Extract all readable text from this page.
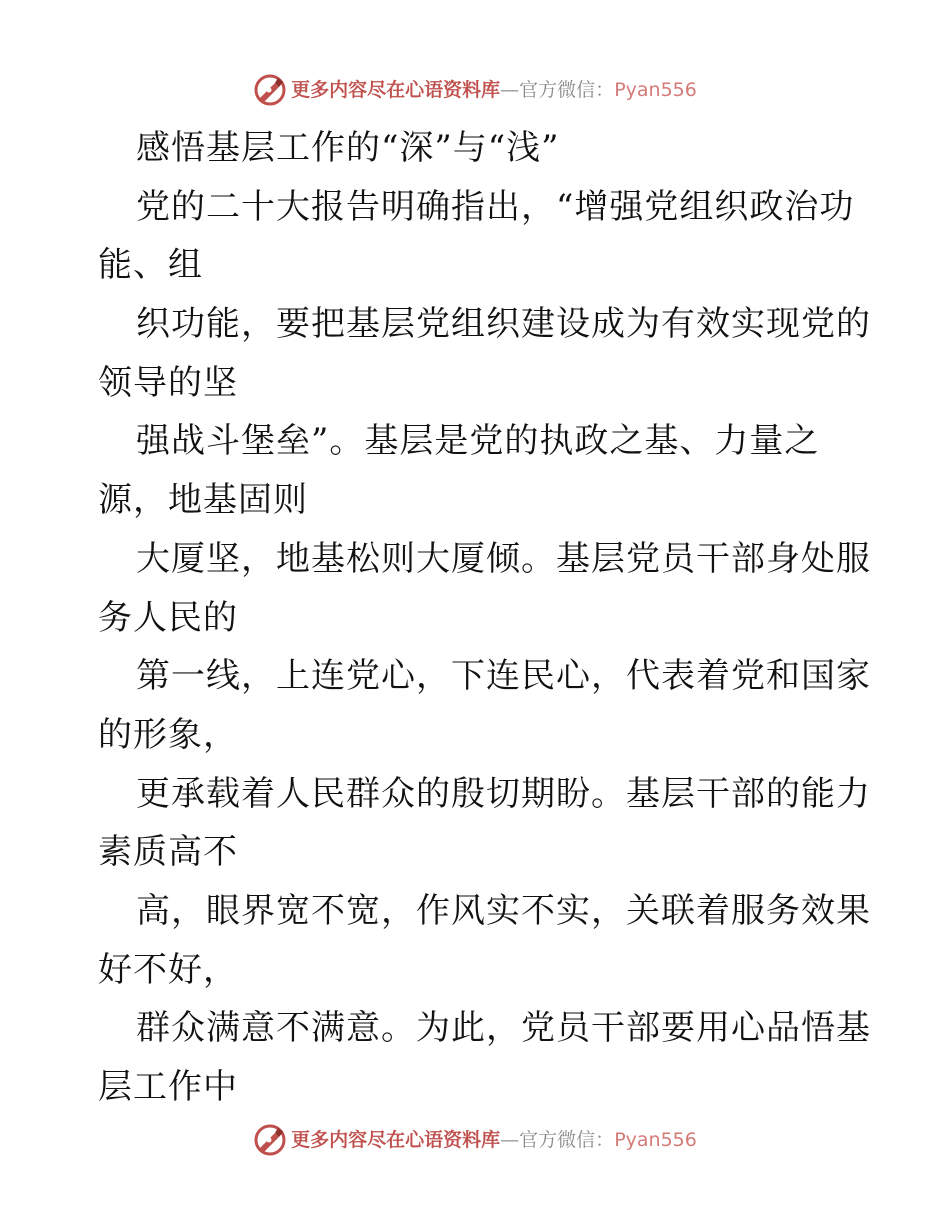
更多内容尽在心语资料库—官方微信：Pyan556
感悟基层工作的“深”与“浅”
党的二十大报告明确指出，“增强党组织政治功
能、组
织功能，要把基层党组织建设成为有效实现党的
领导的坚
强战斗堡垒”。基层是党的执政之基、力量之
源，地基固则
大厦坚，地基松则大厦倾。基层党员干部身处服
务人民的
第一线，上连党心，下连民心，代表着党和国家
的形象，
更承载着人民群众的殷切期盼。基层干部的能力
素质高不
高，眼界宽不宽，作风实不实，关联着服务效果
好不好，
群众满意不满意。为此，党员干部要用心品悟基
层工作中
更多内容尽在心语资料库—官方微信：Pyan556
